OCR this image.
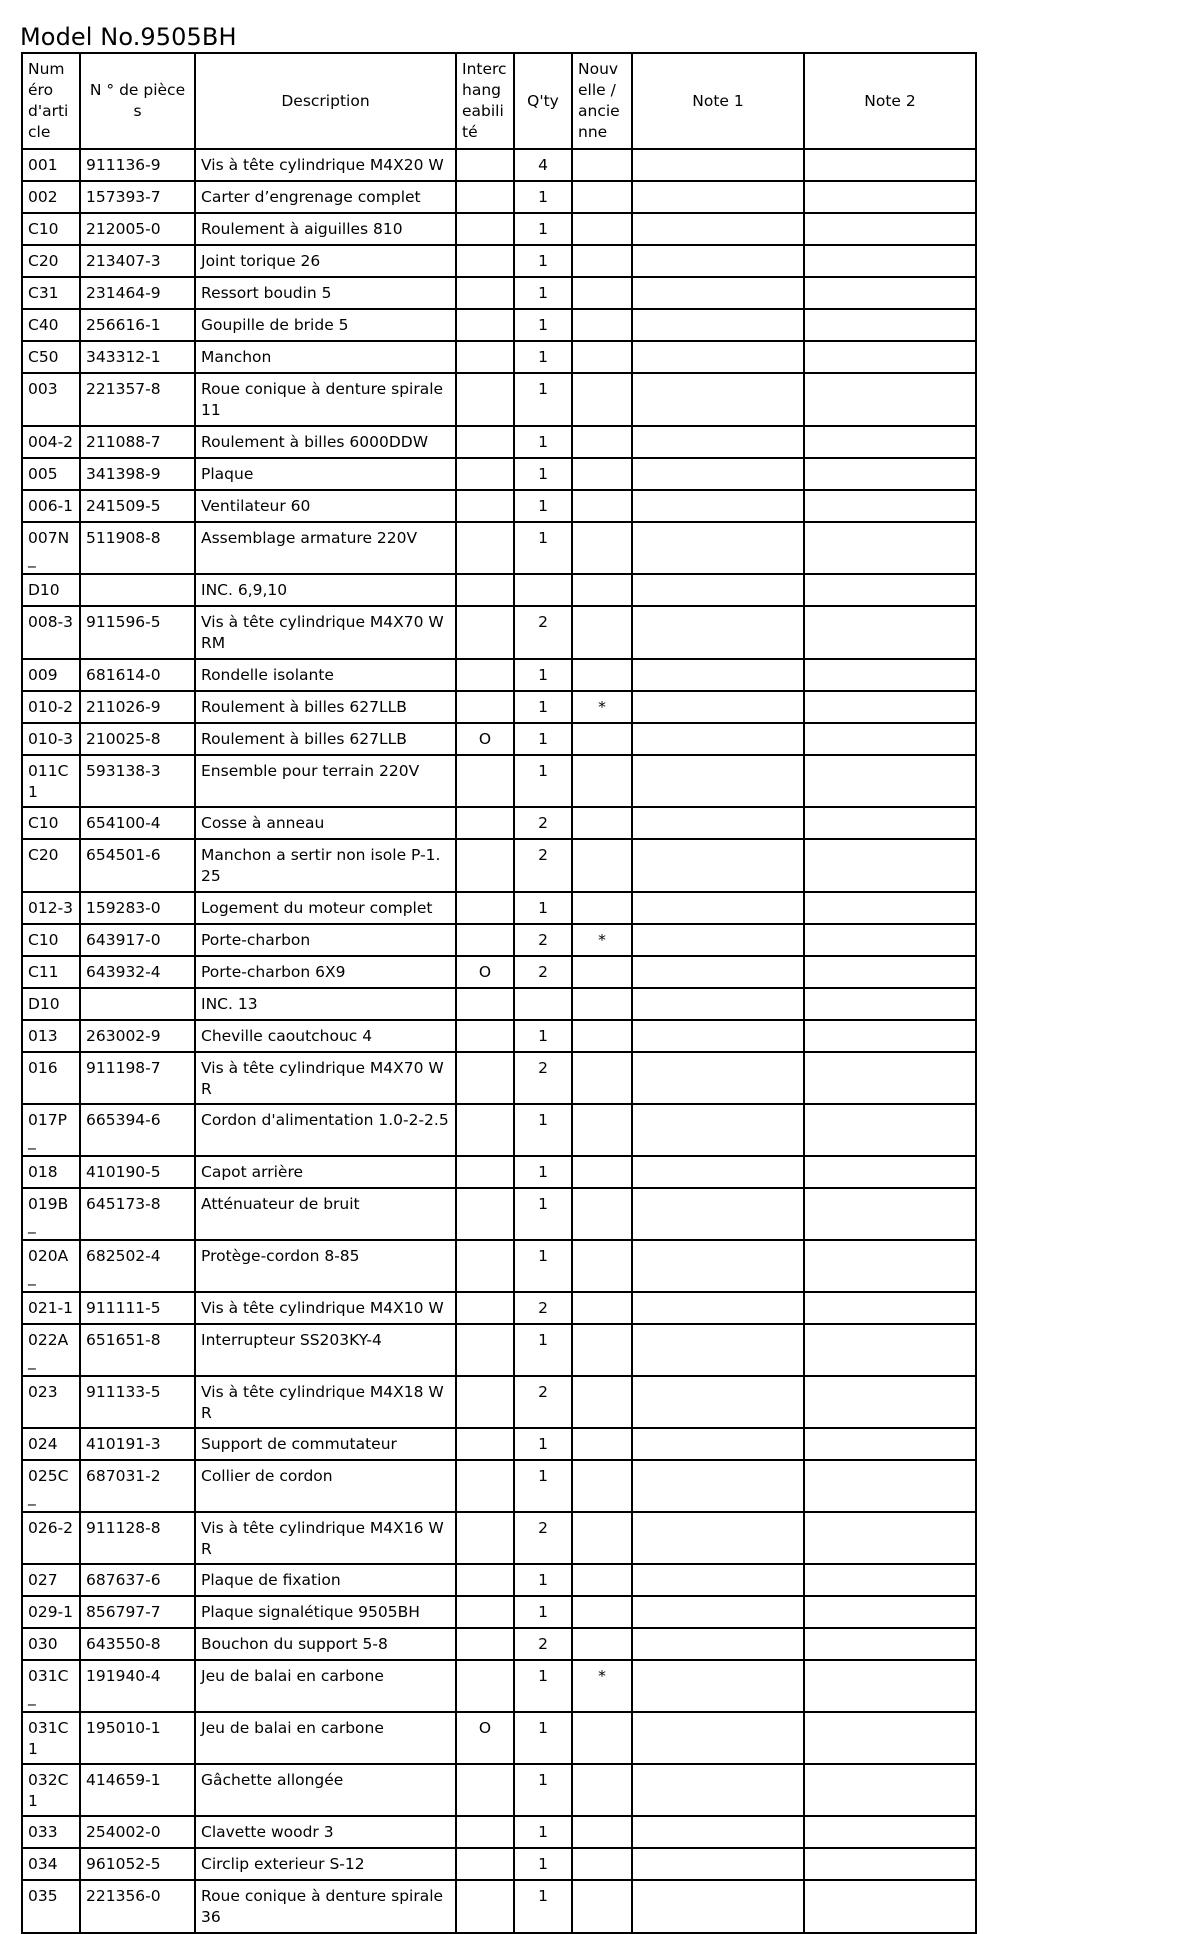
Model No.9505BH
Numéro d'article	N ° de pièces	Description	Interchangeabilité	Q'ty	Nouvelle / ancienne	Note 1	Note 2
001	911136-9	Vis à tête cylindrique M4X20 W		4			
002	157393-7	Carter d’engrenage complet		1			
C10	212005-0	Roulement à aiguilles 810		1			
C20	213407-3	Joint torique 26		1			
C31	231464-9	Ressort boudin 5		1			
C40	256616-1	Goupille de bride 5		1			
C50	343312-1	Manchon		1			
003	221357-8	Roue conique à denture spirale 11		1			
004-2	211088-7	Roulement à billes 6000DDW		1			
005	341398-9	Plaque		1			
006-1	241509-5	Ventilateur 60		1			
007N_	511908-8	Assemblage armature 220V		1			
D10		INC. 6,9,10					
008-3	911596-5	Vis à tête cylindrique M4X70 WRM		2			
009	681614-0	Rondelle isolante		1			
010-2	211026-9	Roulement à billes 627LLB		1	*		
010-3	210025-8	Roulement à billes 627LLB	O	1			
011C1	593138-3	Ensemble pour terrain 220V		1			
C10	654100-4	Cosse à anneau		2			
C20	654501-6	Manchon a sertir non isole P-1.25		2			
012-3	159283-0	Logement du moteur complet		1			
C10	643917-0	Porte-charbon		2	*		
C11	643932-4	Porte-charbon 6X9	O	2			
D10		INC. 13					
013	263002-9	Cheville caoutchouc 4		1			
016	911198-7	Vis à tête cylindrique M4X70 WR		2			
017P_	665394-6	Cordon d'alimentation 1.0-2-2.5		1			
018	410190-5	Capot arrière		1			
019B_	645173-8	Atténuateur de bruit		1			
020A_	682502-4	Protège-cordon 8-85		1			
021-1	911111-5	Vis à tête cylindrique M4X10 W		2			
022A_	651651-8	Interrupteur SS203KY-4		1			
023	911133-5	Vis à tête cylindrique M4X18 WR		2			
024	410191-3	Support de commutateur		1			
025C_	687031-2	Collier de cordon		1			
026-2	911128-8	Vis à tête cylindrique M4X16 WR		2			
027	687637-6	Plaque de fixation		1			
029-1	856797-7	Plaque signalétique 9505BH		1			
030	643550-8	Bouchon du support 5-8		2			
031C_	191940-4	Jeu de balai en carbone		1	*		
031C1	195010-1	Jeu de balai en carbone	O	1			
032C1	414659-1	Gâchette allongée		1			
033	254002-0	Clavette woodr 3		1			
034	961052-5	Circlip exterieur S-12		1			
035	221356-0	Roue conique à denture spirale 36		1			
